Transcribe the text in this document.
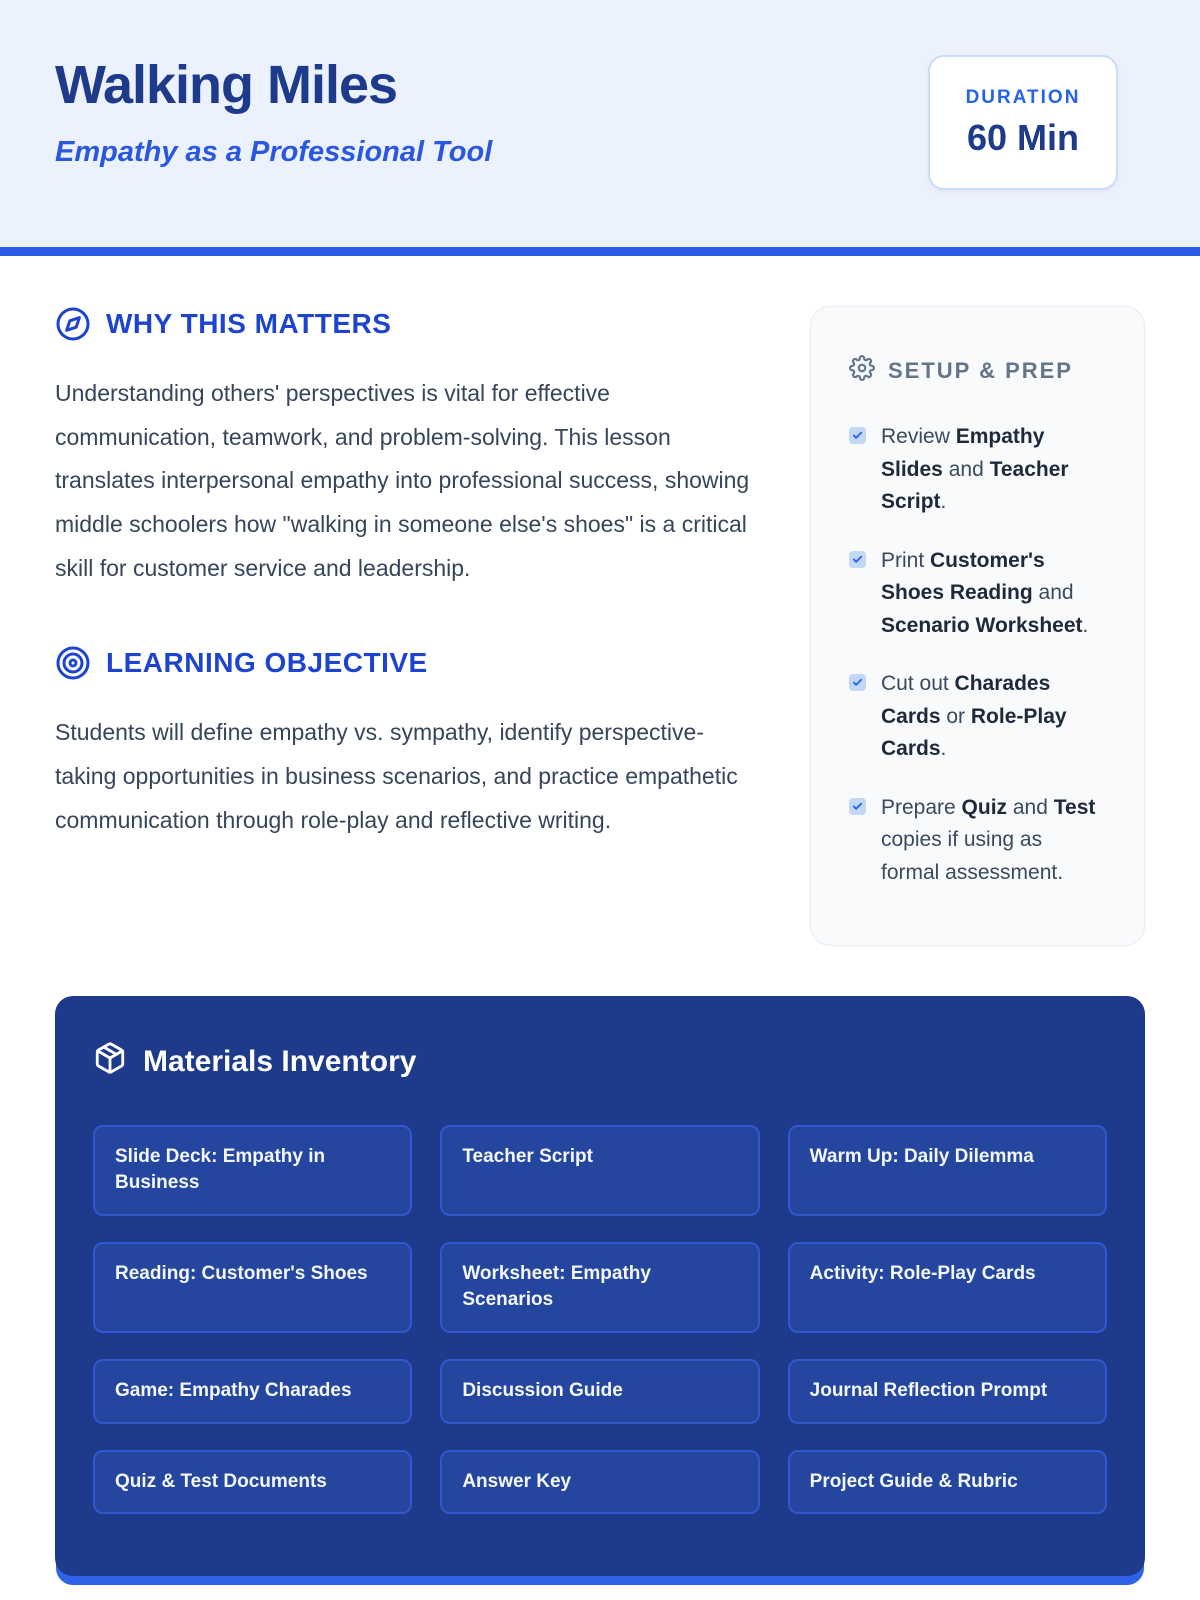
Walking Miles

Empathy as a Professional Tool

DURATION
60 Min
WHY THIS MATTERS

Understanding others' perspectives is vital for effective communication, teamwork, and problem-solving. This lesson translates interpersonal empathy into professional success, showing middle schoolers how "walking in someone else's shoes" is a critical skill for customer service and leadership.

LEARNING OBJECTIVE

Students will define empathy vs. sympathy, identify perspective-taking opportunities in business scenarios, and practice empathetic communication through role-play and reflective writing.

SETUP & PREP
Review Empathy Slides and Teacher Script.
Print Customer's Shoes Reading and Scenario Worksheet.
Cut out Charades Cards or Role-Play Cards.
Prepare Quiz and Test copies if using as formal assessment.
Materials Inventory
Slide Deck: Empathy in Business
Teacher Script	Warm Up: Daily Dilemma
Reading: Customer's Shoes	Worksheet: Empathy Scenarios
Activity: Role-Play Cards
Game: Empathy Charades	Discussion Guide	Journal Reflection Prompt
Quiz & Test Documents	Answer Key	Project Guide & Rubric
